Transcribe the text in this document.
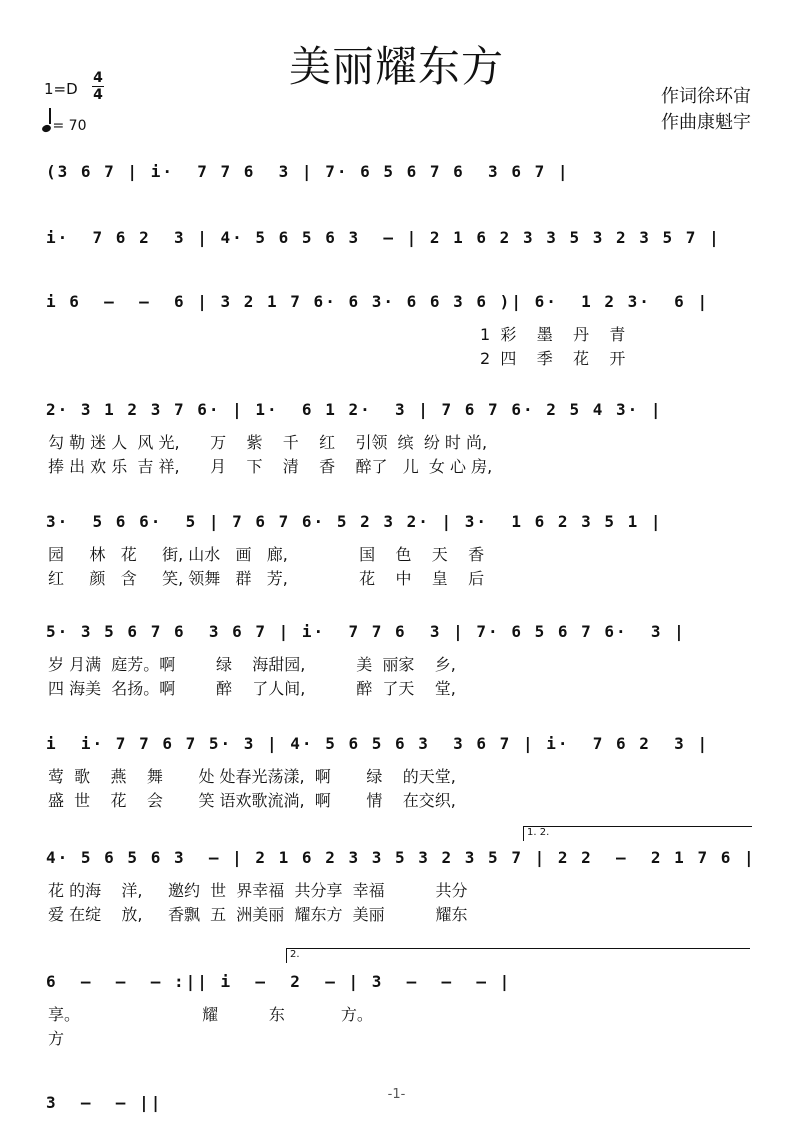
美丽耀东方
1=D
4
4
= 70
作词徐环宙
作曲康魁宇
(3 6 7 | i·  7 7 6  3 | 7· 6 5 6 7 6  3 6 7 |
i·  7 6 2  3 | 4· 5 6 5 6 3  – | 2 1 6 2 3 3 5 3 2 3 5 7 |
i 6  –  –  6 | 3 2 1 7 6· 6 3· 6 6 3 6 )| 6·  1 2 3·  6 |
1  彩    墨    丹    青
2  四    季    花    开
2· 3 1 2 3 7 6· | 1·  6 1 2·  3 | 7 6 7 6· 2 5 4 3· |
勾 勒 迷 人  风 光,      万    紫    千    红    引领  缤  纷 时 尚,
捧 出 欢 乐  吉 祥,      月    下    清    香    醉了   儿  女 心 房,
3·  5 6 6·  5 | 7 6 7 6· 5 2 3 2· | 3·  1 6 2 3 5 1 |
园     林   花     街, 山水   画   廊,              国    色    天    香
红     颜   含     笑, 领舞   群   芳,              花    中    皇    后
5· 3 5 6 7 6  3 6 7 | i·  7 7 6  3 | 7· 6 5 6 7 6·  3 |
岁 月满  庭芳。啊        绿    海甜园,          美  丽家    乡,
四 海美  名扬。啊        醉    了人间,          醉  了天    堂,
i  i· 7 7 6 7 5· 3 | 4· 5 6 5 6 3  3 6 7 | i·  7 6 2  3 |
莺  歌    燕    舞       处 处春光荡漾,  啊       绿    的天堂,
盛  世    花    会       笑 语欢歌流淌,  啊       情    在交织,
4· 5 6 5 6 3  – | 2 1 6 2 3 3 5 3 2 3 5 7 | 2 2  –  2 1 7 6 |
花 的海    洋,     邀约  世  界幸福  共分享  幸福          共分
爱 在绽    放,     香飘  五  洲美丽  耀东方  美丽          耀东
6  –  –  – :|| i  –  2  – | 3  –  –  – |
享。                        耀          东           方。
方
3  –  – ||
1. 2.
2.
-1-
